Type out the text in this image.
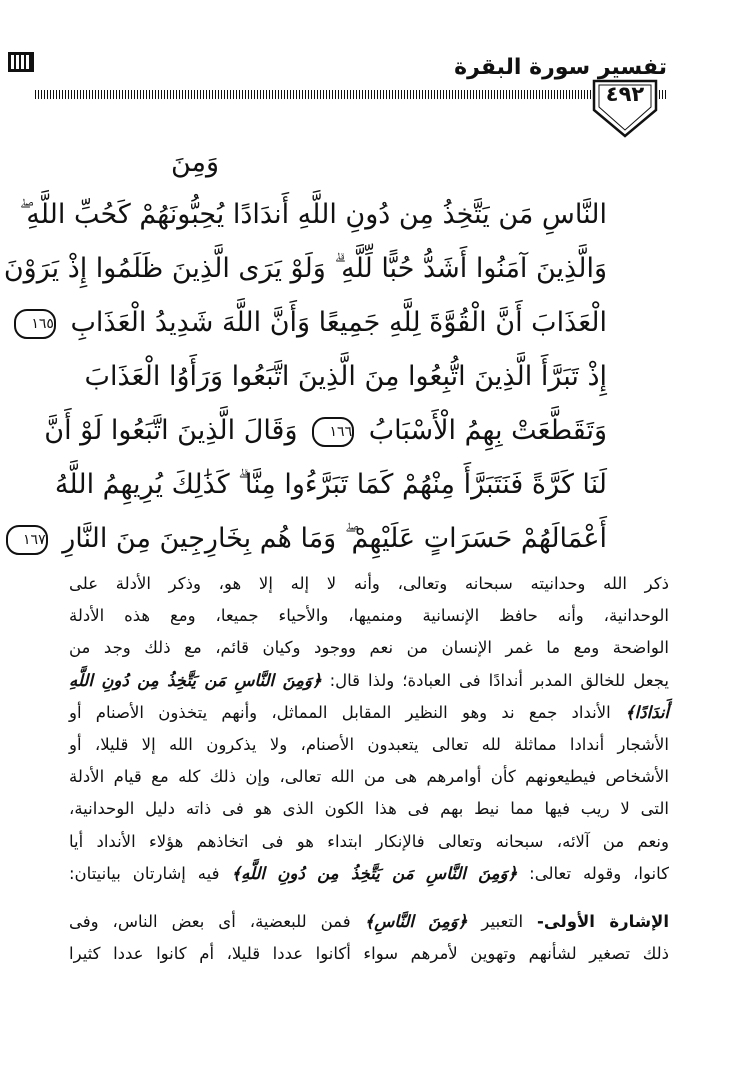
تفسير سورة البقرة
٤٩٢
وَمِنَ
النَّاسِ مَن يَتَّخِذُ مِن دُونِ اللَّهِ أَندَادًا يُحِبُّونَهُمْ كَحُبِّ اللَّهِ ۖ
وَالَّذِينَ آمَنُوا أَشَدُّ حُبًّا لِّلَّهِ ۗ وَلَوْ يَرَى الَّذِينَ ظَلَمُوا إِذْ يَرَوْنَ
الْعَذَابَ أَنَّ الْقُوَّةَ لِلَّهِ جَمِيعًا وَأَنَّ اللَّهَ شَدِيدُ الْعَذَابِ ١٦٥
إِذْ تَبَرَّأَ الَّذِينَ اتُّبِعُوا مِنَ الَّذِينَ اتَّبَعُوا وَرَأَوُا الْعَذَابَ
وَتَقَطَّعَتْ بِهِمُ الْأَسْبَابُ ١٦٦ وَقَالَ الَّذِينَ اتَّبَعُوا لَوْ أَنَّ
لَنَا كَرَّةً فَنَتَبَرَّأَ مِنْهُمْ كَمَا تَبَرَّءُوا مِنَّا ۗ كَذَٰلِكَ يُرِيهِمُ اللَّهُ
أَعْمَالَهُمْ حَسَرَاتٍ عَلَيْهِمْ ۖ وَمَا هُم بِخَارِجِينَ مِنَ النَّارِ ١٦٧

ذكر الله وحدانيته سبحانه وتعالى، وأنه لا إله إلا هو، وذكر الأدلة على

الوحدانية، وأنه حافظ الإنسانية ومنميها، والأحياء جميعا، ومع هذه الأدلة

الواضحة ومع ما غمر الإنسان من نعم ووجود وكيان قائم، مع ذلك وجد من

يجعل للخالق المدبر أندادًا فى العبادة؛ ولذا قال: ﴿وَمِنَ النَّاسِ مَن يَتَّخِذُ مِن دُونِ اللَّهِ

أَندَادًا﴾ الأنداد جمع ند وهو النظير المقابل المماثل، وأنهم يتخذون الأصنام أو

الأشجار أندادا مماثلة لله تعالى يتعبدون الأصنام، ولا يذكرون الله إلا قليلا، أو

الأشخاص فيطيعونهم كأن أوامرهم هى من الله تعالى، وإن ذلك كله مع قيام الأدلة

التى لا ريب فيها مما نيط بهم فى هذا الكون الذى هو فى ذاته دليل الوحدانية،

ونعم من آلائه، سبحانه وتعالى فالإنكار ابتداء هو فى اتخاذهم هؤلاء الأنداد أيا

كانوا، وقوله تعالى: ﴿وَمِنَ النَّاسِ مَن يَتَّخِذُ مِن دُونِ اللَّهِ﴾ فيه إشارتان بيانيتان:

الإشارة الأولى- التعبير ﴿وَمِنَ النَّاسِ﴾ فمن للبعضية، أى بعض الناس، وفى

ذلك تصغير لشأنهم وتهوين لأمرهم سواء أكانوا عددا قليلا، أم كانوا عددا كثيرا
